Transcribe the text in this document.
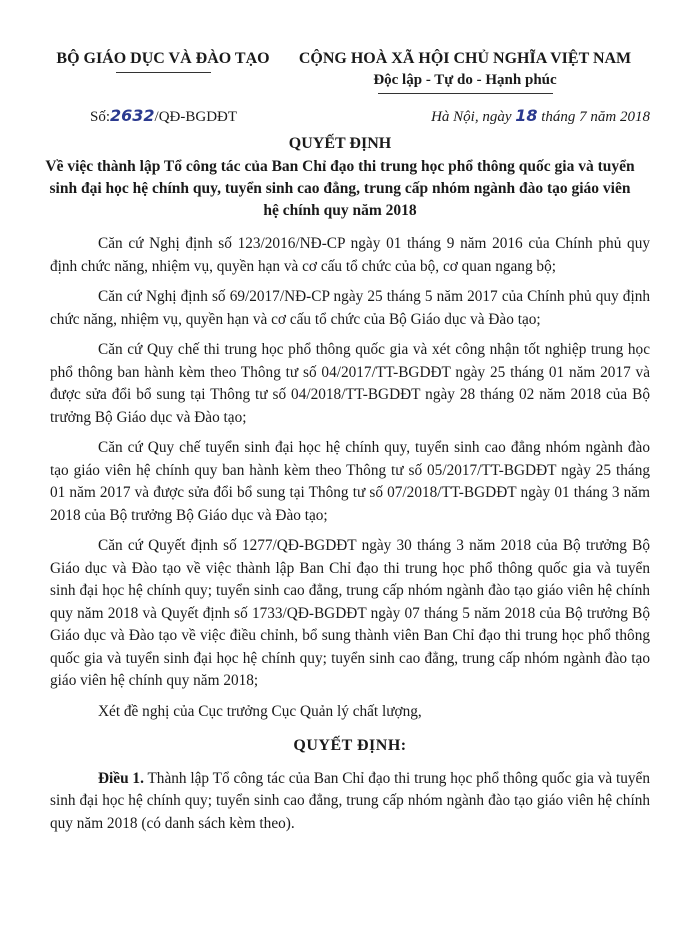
BỘ GIÁO DỤC VÀ ĐÀO TẠO	CỘNG HOÀ XÃ HỘI CHỦ NGHĨA VIỆT NAM
Độc lập - Tự do - Hạnh phúc
Số:2632/QĐ-BGDĐT	Hà Nội, ngày 18 tháng 7 năm 2018
QUYẾT ĐỊNH
Về việc thành lập Tổ công tác của Ban Chỉ đạo thi trung học phổ thông quốc gia và tuyển sinh đại học hệ chính quy, tuyển sinh cao đẳng, trung cấp nhóm ngành đào tạo giáo viên hệ chính quy năm 2018

Căn cứ Nghị định số 123/2016/NĐ-CP ngày 01 tháng 9 năm 2016 của Chính phủ quy định chức năng, nhiệm vụ, quyền hạn và cơ cấu tổ chức của bộ, cơ quan ngang bộ;

Căn cứ Nghị định số 69/2017/NĐ-CP ngày 25 tháng 5 năm 2017 của Chính phủ quy định chức năng, nhiệm vụ, quyền hạn và cơ cấu tổ chức của Bộ Giáo dục và Đào tạo;

Căn cứ Quy chế thi trung học phổ thông quốc gia và xét công nhận tốt nghiệp trung học phổ thông ban hành kèm theo Thông tư số 04/2017/TT-BGDĐT ngày 25 tháng 01 năm 2017 và được sửa đổi bổ sung tại Thông tư số 04/2018/TT-BGDĐT ngày 28 tháng 02 năm 2018 của Bộ trưởng Bộ Giáo dục và Đào tạo;

Căn cứ Quy chế tuyển sinh đại học hệ chính quy, tuyển sinh cao đẳng nhóm ngành đào tạo giáo viên hệ chính quy ban hành kèm theo Thông tư số 05/2017/TT-BGDĐT ngày 25 tháng 01 năm 2017 và được sửa đổi bổ sung tại Thông tư số 07/2018/TT-BGDĐT ngày 01 tháng 3 năm 2018 của Bộ trưởng Bộ Giáo dục và Đào tạo;

Căn cứ Quyết định số 1277/QĐ-BGDĐT ngày 30 tháng 3 năm 2018 của Bộ trưởng Bộ Giáo dục và Đào tạo về việc thành lập Ban Chỉ đạo thi trung học phổ thông quốc gia và tuyển sinh đại học hệ chính quy; tuyển sinh cao đẳng, trung cấp nhóm ngành đào tạo giáo viên hệ chính quy năm 2018 và Quyết định số 1733/QĐ-BGDĐT ngày 07 tháng 5 năm 2018 của Bộ trưởng Bộ Giáo dục và Đào tạo về việc điều chỉnh, bổ sung thành viên Ban Chỉ đạo thi trung học phổ thông quốc gia và tuyển sinh đại học hệ chính quy; tuyển sinh cao đẳng, trung cấp nhóm ngành đào tạo giáo viên hệ chính quy năm 2018;

Xét đề nghị của Cục trưởng Cục Quản lý chất lượng,

QUYẾT ĐỊNH:

Điều 1. Thành lập Tổ công tác của Ban Chỉ đạo thi trung học phổ thông quốc gia và tuyển sinh đại học hệ chính quy; tuyển sinh cao đẳng, trung cấp nhóm ngành đào tạo giáo viên hệ chính quy năm 2018 (có danh sách kèm theo).
